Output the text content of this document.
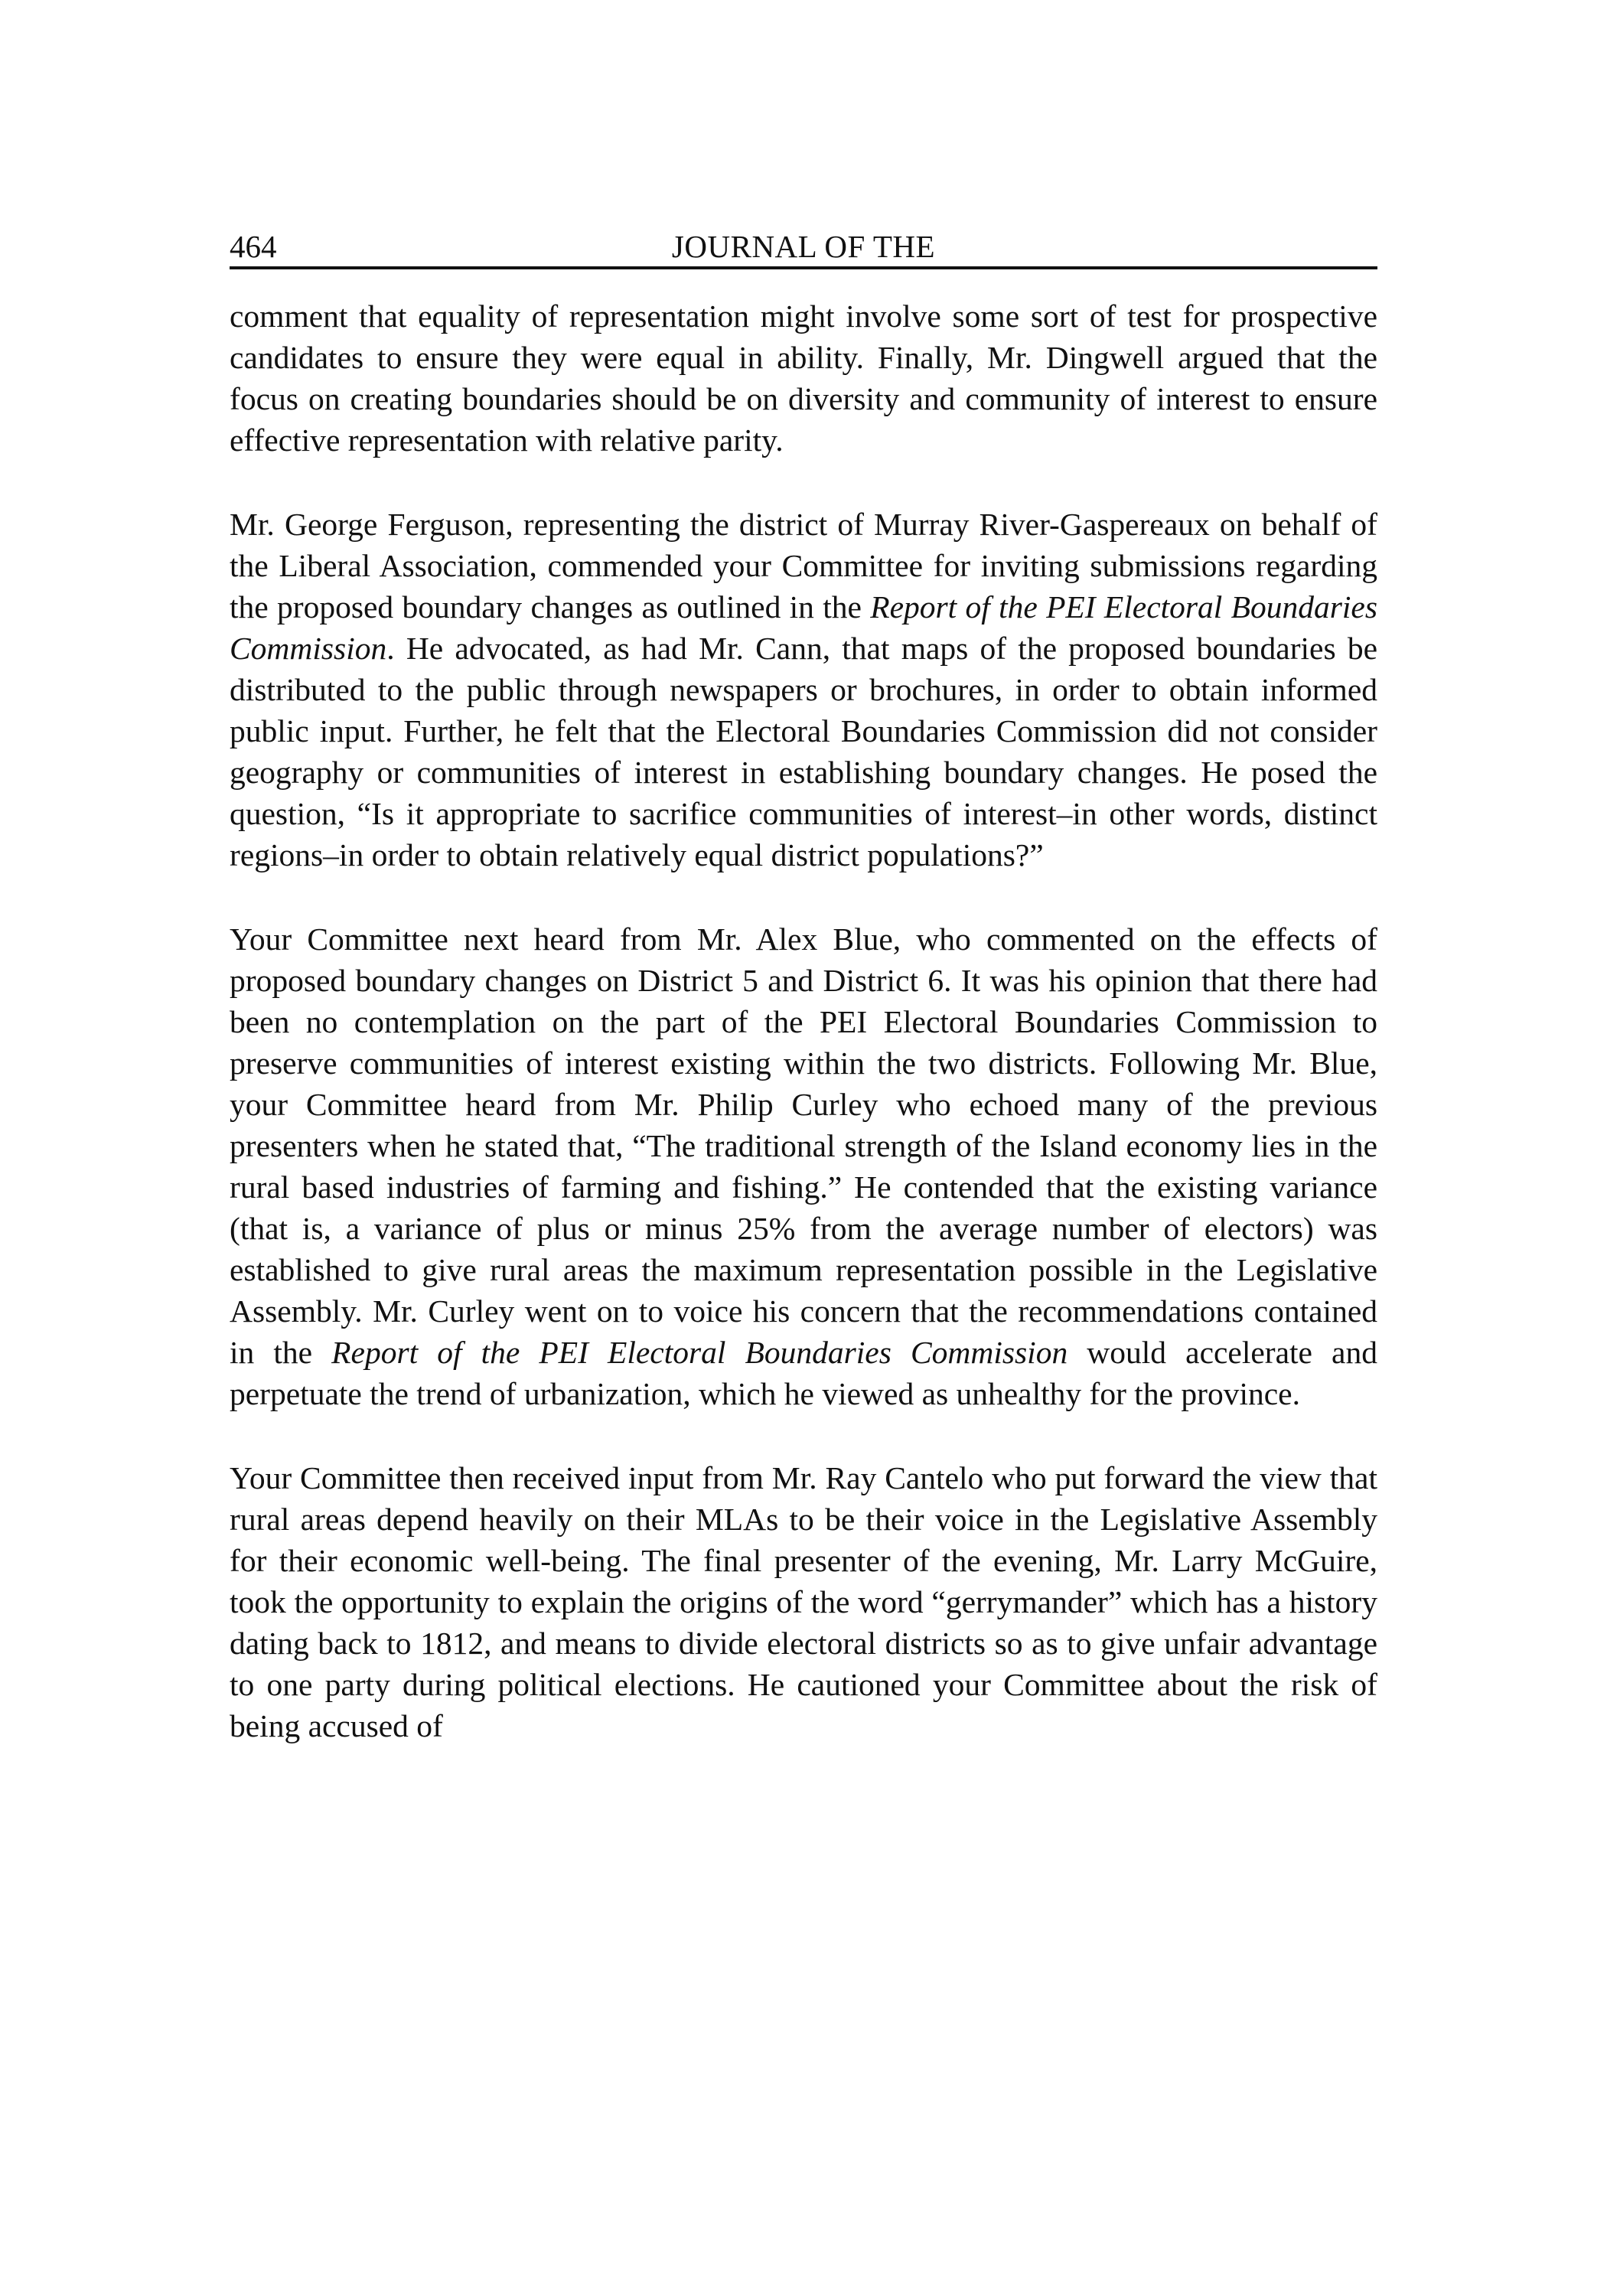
464	JOURNAL OF THE

comment that equality of representation might involve some sort of test for prospective candidates to ensure they were equal in ability. Finally, Mr. Dingwell argued that the focus on creating boundaries should be on diversity and community of interest to ensure effective representation with relative parity.

Mr. George Ferguson, representing the district of Murray River-Gaspereaux on behalf of the Liberal Association, commended your Committee for inviting submissions regarding the proposed boundary changes as outlined in the Report of the PEI Electoral Boundaries Commission. He advocated, as had Mr. Cann, that maps of the proposed boundaries be distributed to the public through newspapers or brochures, in order to obtain informed public input. Further, he felt that the Electoral Boundaries Commission did not consider geography or communities of interest in establishing boundary changes. He posed the question, “Is it appropriate to sacrifice communities of interest–in other words, distinct regions–in order to obtain relatively equal district populations?”

Your Committee next heard from Mr. Alex Blue, who commented on the effects of proposed boundary changes on District 5 and District 6. It was his opinion that there had been no contemplation on the part of the PEI Electoral Boundaries Commission to preserve communities of interest existing within the two districts. Following Mr. Blue, your Committee heard from Mr. Philip Curley who echoed many of the previous presenters when he stated that, “The traditional strength of the Island economy lies in the rural based industries of farming and fishing.” He contended that the existing variance (that is, a variance of plus or minus 25% from the average number of electors) was established to give rural areas the maximum representation possible in the Legislative Assembly. Mr. Curley went on to voice his concern that the recommendations contained in the Report of the PEI Electoral Boundaries Commission would accelerate and perpetuate the trend of urbanization, which he viewed as unhealthy for the province.

Your Committee then received input from Mr. Ray Cantelo who put forward the view that rural areas depend heavily on their MLAs to be their voice in the Legislative Assembly for their economic well-being. The final presenter of the evening, Mr. Larry McGuire, took the opportunity to explain the origins of the word “gerrymander” which has a history dating back to 1812, and means to divide electoral districts so as to give unfair advantage to one party during political elections. He cautioned your Committee about the risk of being accused of
